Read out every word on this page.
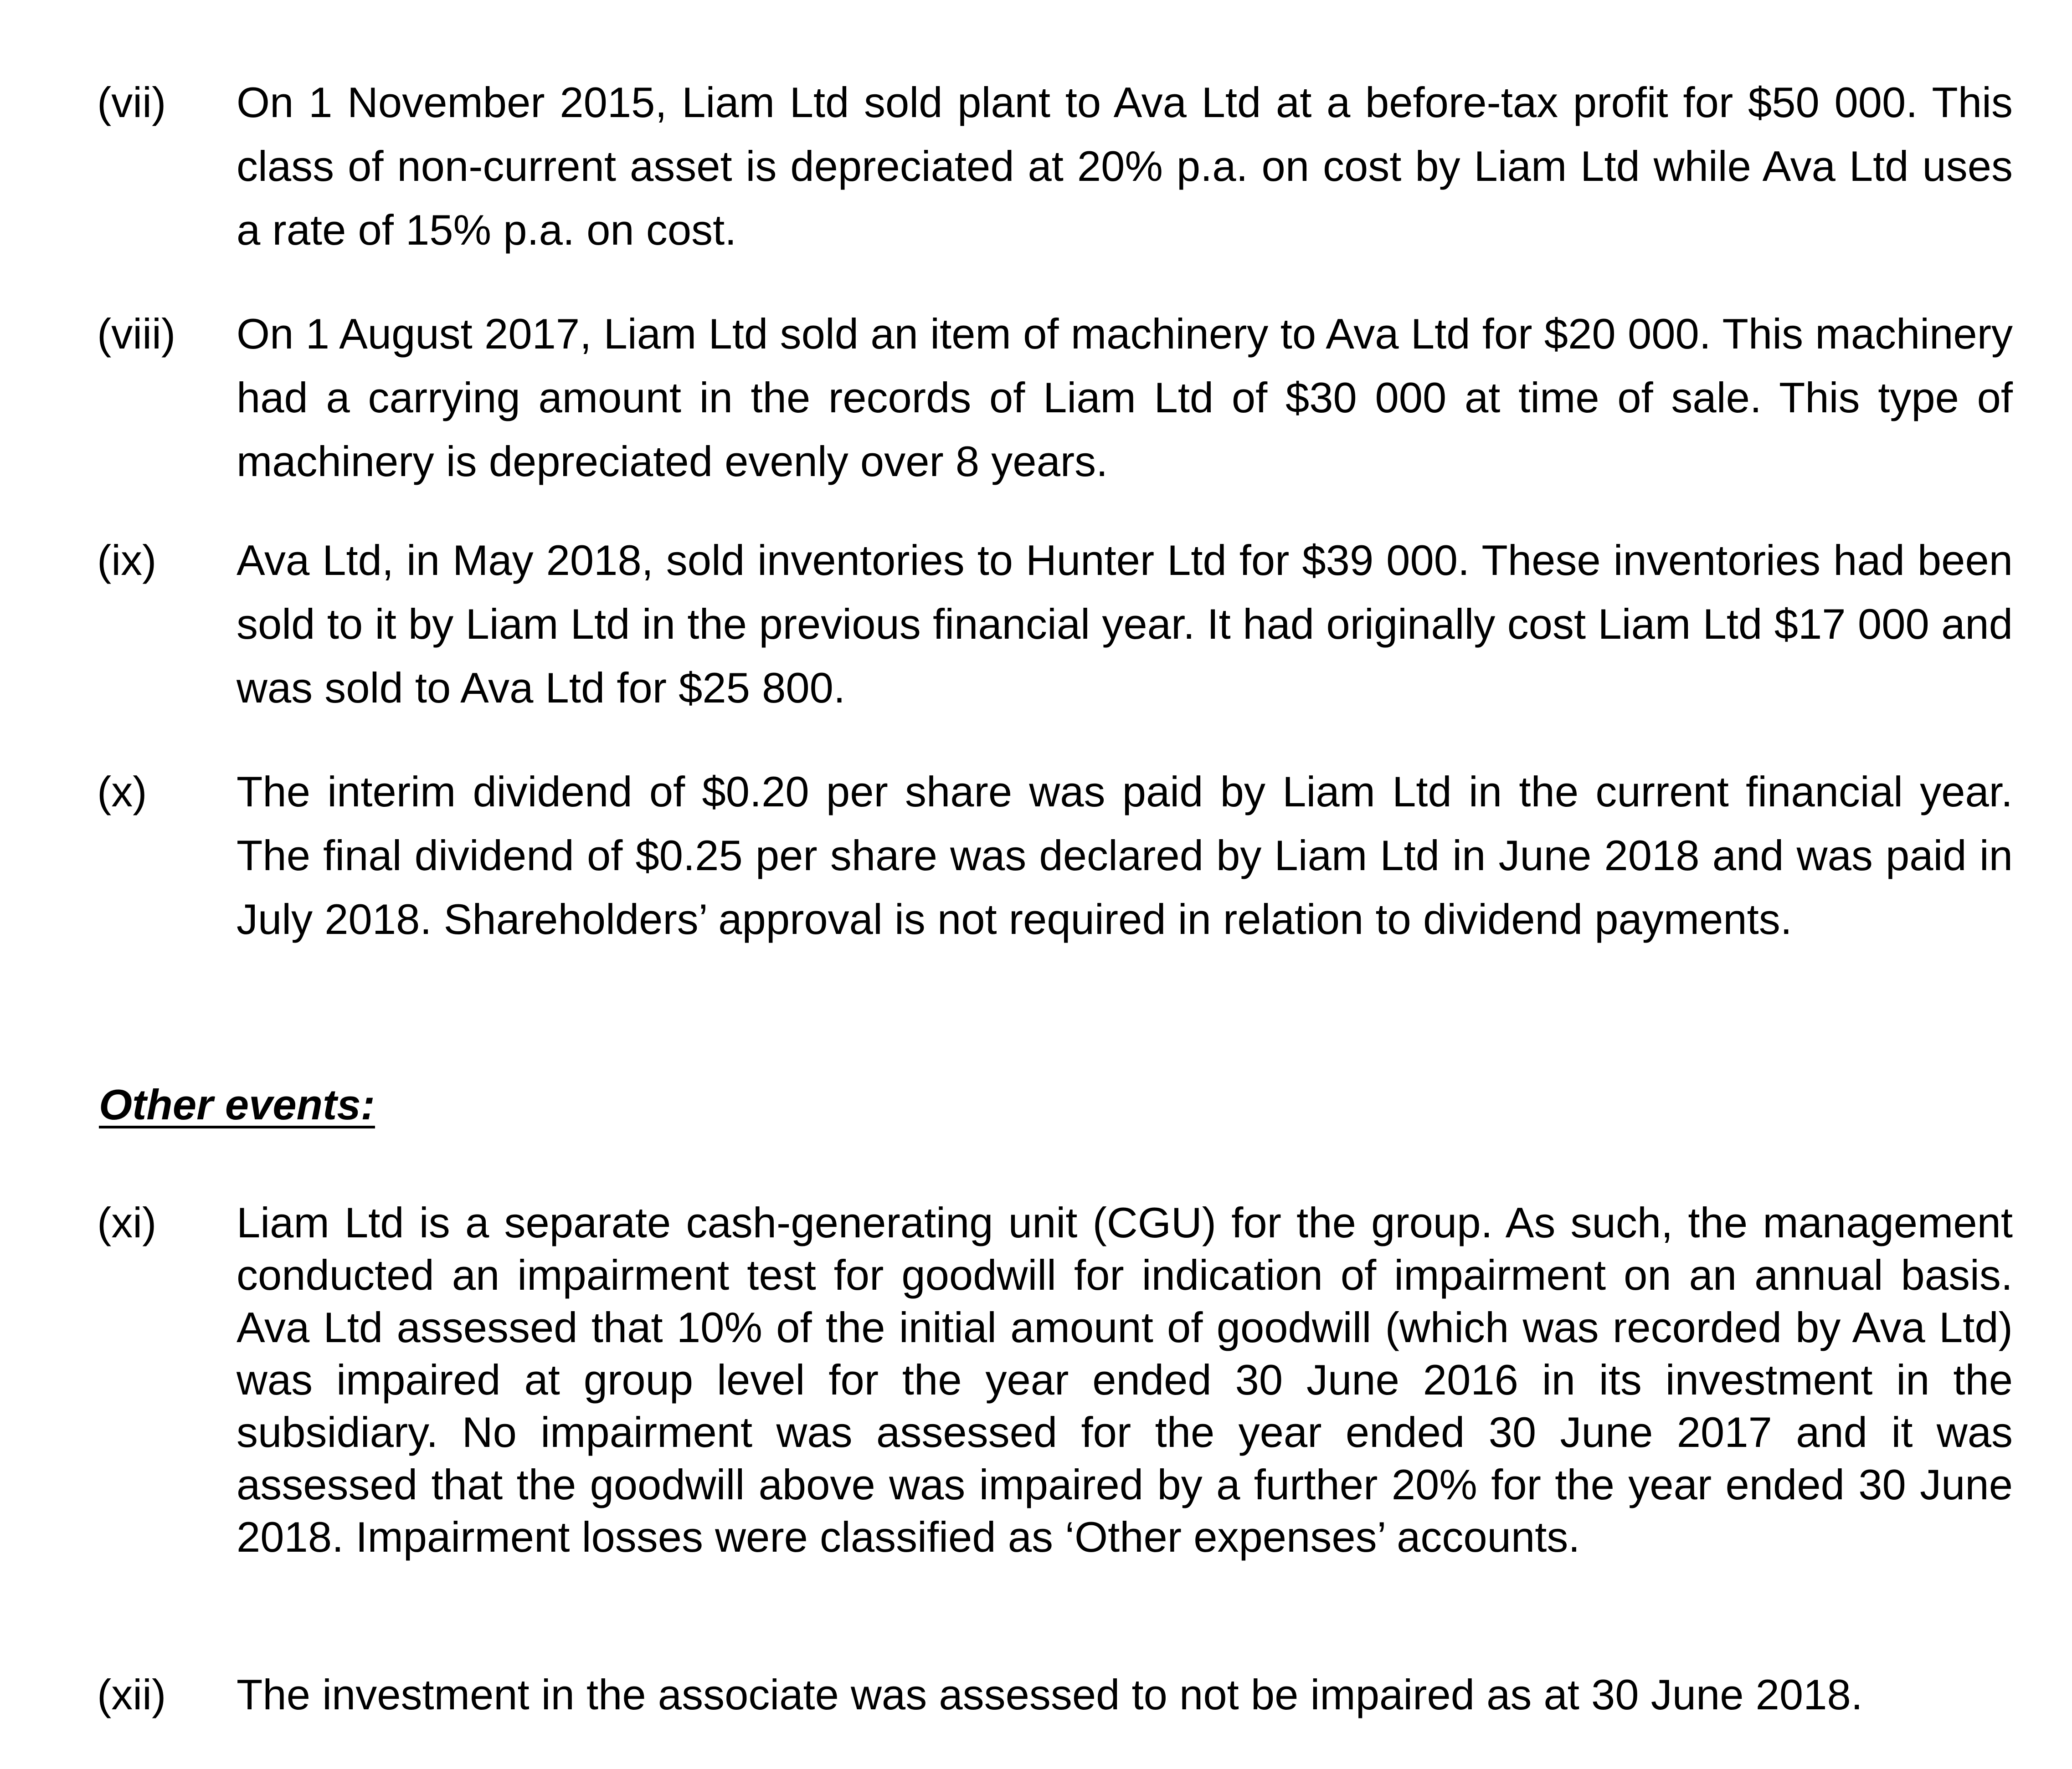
(vii) On 1 November 2015, Liam Ltd sold plant to Ava Ltd at a before-tax profit for $50 000. This class of non-current asset is depreciated at 20% p.a. on cost by Liam Ltd while Ava Ltd uses a rate of 15% p.a. on cost.

(viii) On 1 August 2017, Liam Ltd sold an item of machinery to Ava Ltd for $20 000. This machinery had a carrying amount in the records of Liam Ltd of $30 000 at time of sale. This type of machinery is depreciated evenly over 8 years.

(ix) Ava Ltd, in May 2018, sold inventories to Hunter Ltd for $39 000. These inventories had been sold to it by Liam Ltd in the previous financial year. It had originally cost Liam Ltd $17 000 and was sold to Ava Ltd for $25 800.

(x) The interim dividend of $0.20 per share was paid by Liam Ltd in the current financial year. The final dividend of $0.25 per share was declared by Liam Ltd in June 2018 and was paid in July 2018. Shareholders’ approval is not required in relation to dividend payments.

Other events:
(xi) Liam Ltd is a separate cash-generating unit (CGU) for the group. As such, the management conducted an impairment test for goodwill for indication of impairment on an annual basis. Ava Ltd assessed that 10% of the initial amount of goodwill (which was recorded by Ava Ltd) was impaired at group level for the year ended 30 June 2016 in its investment in the subsidiary. No impairment was assessed for the year ended 30 June 2017 and it was assessed that the goodwill above was impaired by a further 20% for the year ended 30 June 2018. Impairment losses were classified as ‘Other expenses’ accounts.

(xii) The investment in the associate was assessed to not be impaired as at 30 June 2018.
